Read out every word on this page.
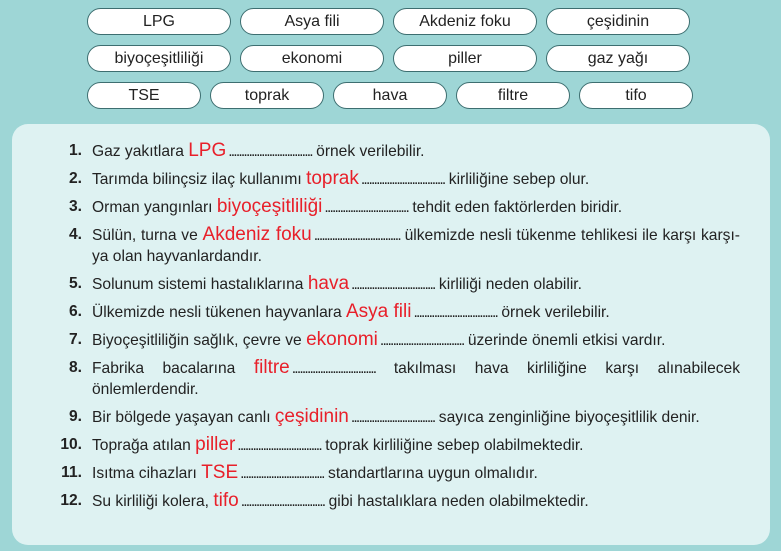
LPG	Asya fili	Akdeniz foku	çeşidinin
biyoçeşitliliği	ekonomi	piller	gaz yağı
TSE	toprak	hava	filtre	tifo
1. Gaz yakıtlara LPG ................................. örnek verilebilir.
2. Tarımda bilinçsiz ilaç kullanımı toprak ................................. kirliliğine sebep olur.
3. Orman yangınları biyoçeşitliliği ................................. tehdit eden faktörlerden biridir.
4. Sülün, turna ve Akdeniz foku .................................. ülkemizde nesli tükenme tehlikesi ile karşı karşı-ya olan hayvanlardandır.
5. Solunum sistemi hastalıklarına hava ................................. kirliliği neden olabilir.
6. Ülkemizde nesli tükenen hayvanlara Asya fili ................................. örnek verilebilir.
7. Biyoçeşitliliğin sağlık, çevre ve ekonomi ................................. üzerinde önemli etkisi vardır.
8. Fabrika bacalarına filtre ................................. takılması hava kirliliğine karşı alınabilecek önlemlerdendir.
9. Bir bölgede yaşayan canlı çeşidinin ................................. sayıca zenginliğine biyoçeşitlilik denir.
10. Toprağa atılan piller ................................. toprak kirliliğine sebep olabilmektedir.
11. Isıtma cihazları TSE ................................. standartlarına uygun olmalıdır.
12. Su kirliliği kolera, tifo ................................. gibi hastalıklara neden olabilmektedir.
